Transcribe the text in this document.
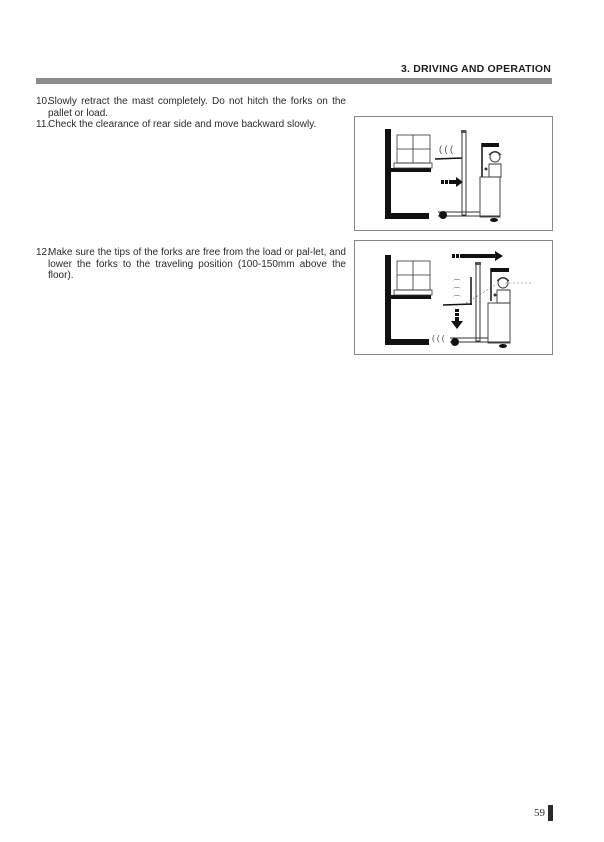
3. DRIVING AND OPERATION
10.
Slowly retract the mast completely. Do not hitch the forks on the pallet or load.
11.
Check the clearance of rear side and move backward slowly.
12.
Make sure the tips of the forks are free from the load or pal-let, and lower the forks to the traveling position (100-150mm above the floor).
( ( (
⌒
⌒
⌒
( ( (
59
